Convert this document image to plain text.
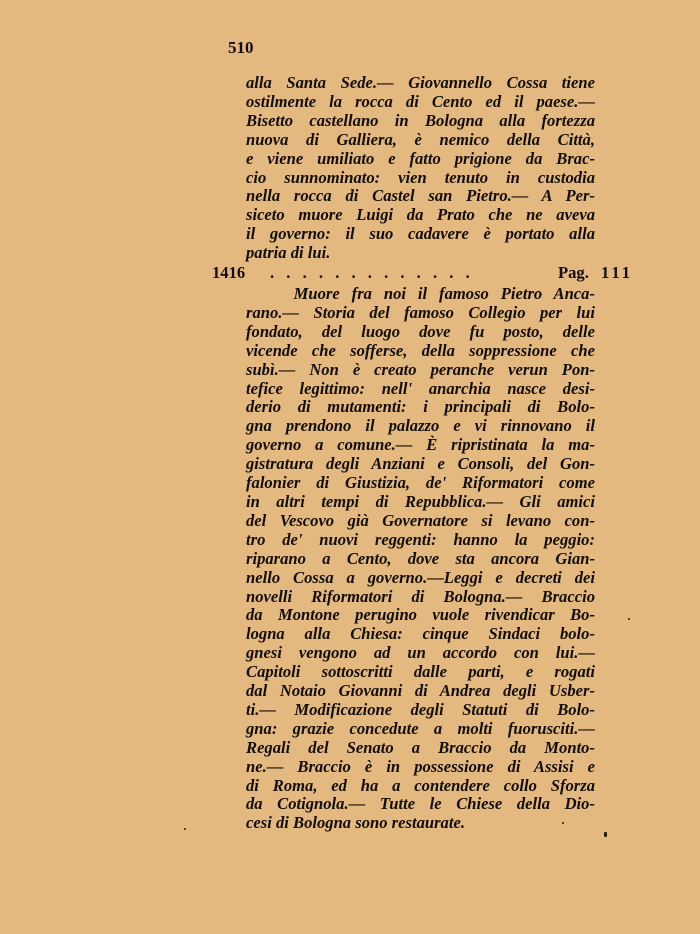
510
alla Santa Sede.— Giovannello Cossa tiene
ostilmente la rocca di Cento ed il paese.—
Bisetto castellano in Bologna alla fortezza
nuova di Galliera, è nemico della Città,
e viene umiliato e fatto prigione da Brac-
cio sunnominato: vien tenuto in custodia
nella rocca di Castel san Pietro.— A Per-
siceto muore Luigi da Prato che ne aveva
il governo: il suo cadavere è portato alla
patria di lui.
1416 . . . . . . . . . . . . .	Pag. 111
Muore fra noi il famoso Pietro Anca-
rano.— Storia del famoso Collegio per lui
fondato, del luogo dove fu posto, delle
vicende che sofferse, della soppressione che
subì.— Non è creato peranche verun Pon-
tefice legittimo: nell' anarchia nasce desi-
derio di mutamenti: i principali di Bolo-
gna prendono il palazzo e vi rinnovano il
governo a comune.— È ripristinata la ma-
gistratura degli Anziani e Consoli, del Gon-
falonier di Giustizia, de' Riformatori come
in altri tempi di Repubblica.— Gli amici
del Vescovo già Governatore si levano con-
tro de' nuovi reggenti: hanno la peggio:
riparano a Cento, dove sta ancora Gian-
nello Cossa a governo.—Leggi e decreti dei
novelli Riformatori di Bologna.— Braccio
da Montone perugino vuole rivendicar Bo-
logna alla Chiesa: cinque Sindaci bolo-
gnesi vengono ad un accordo con lui.—
Capitoli sottoscritti dalle parti, e rogati
dal Notaio Giovanni di Andrea degli Usber-
ti.— Modificazione degli Statuti di Bolo-
gna: grazie concedute a molti fuorusciti.—
Regali del Senato a Braccio da Monto-
ne.— Braccio è in possessione di Assisi e
di Roma, ed ha a contendere collo Sforza
da Cotignola.— Tutte le Chiese della Dio-
cesi di Bologna sono restaurate.
